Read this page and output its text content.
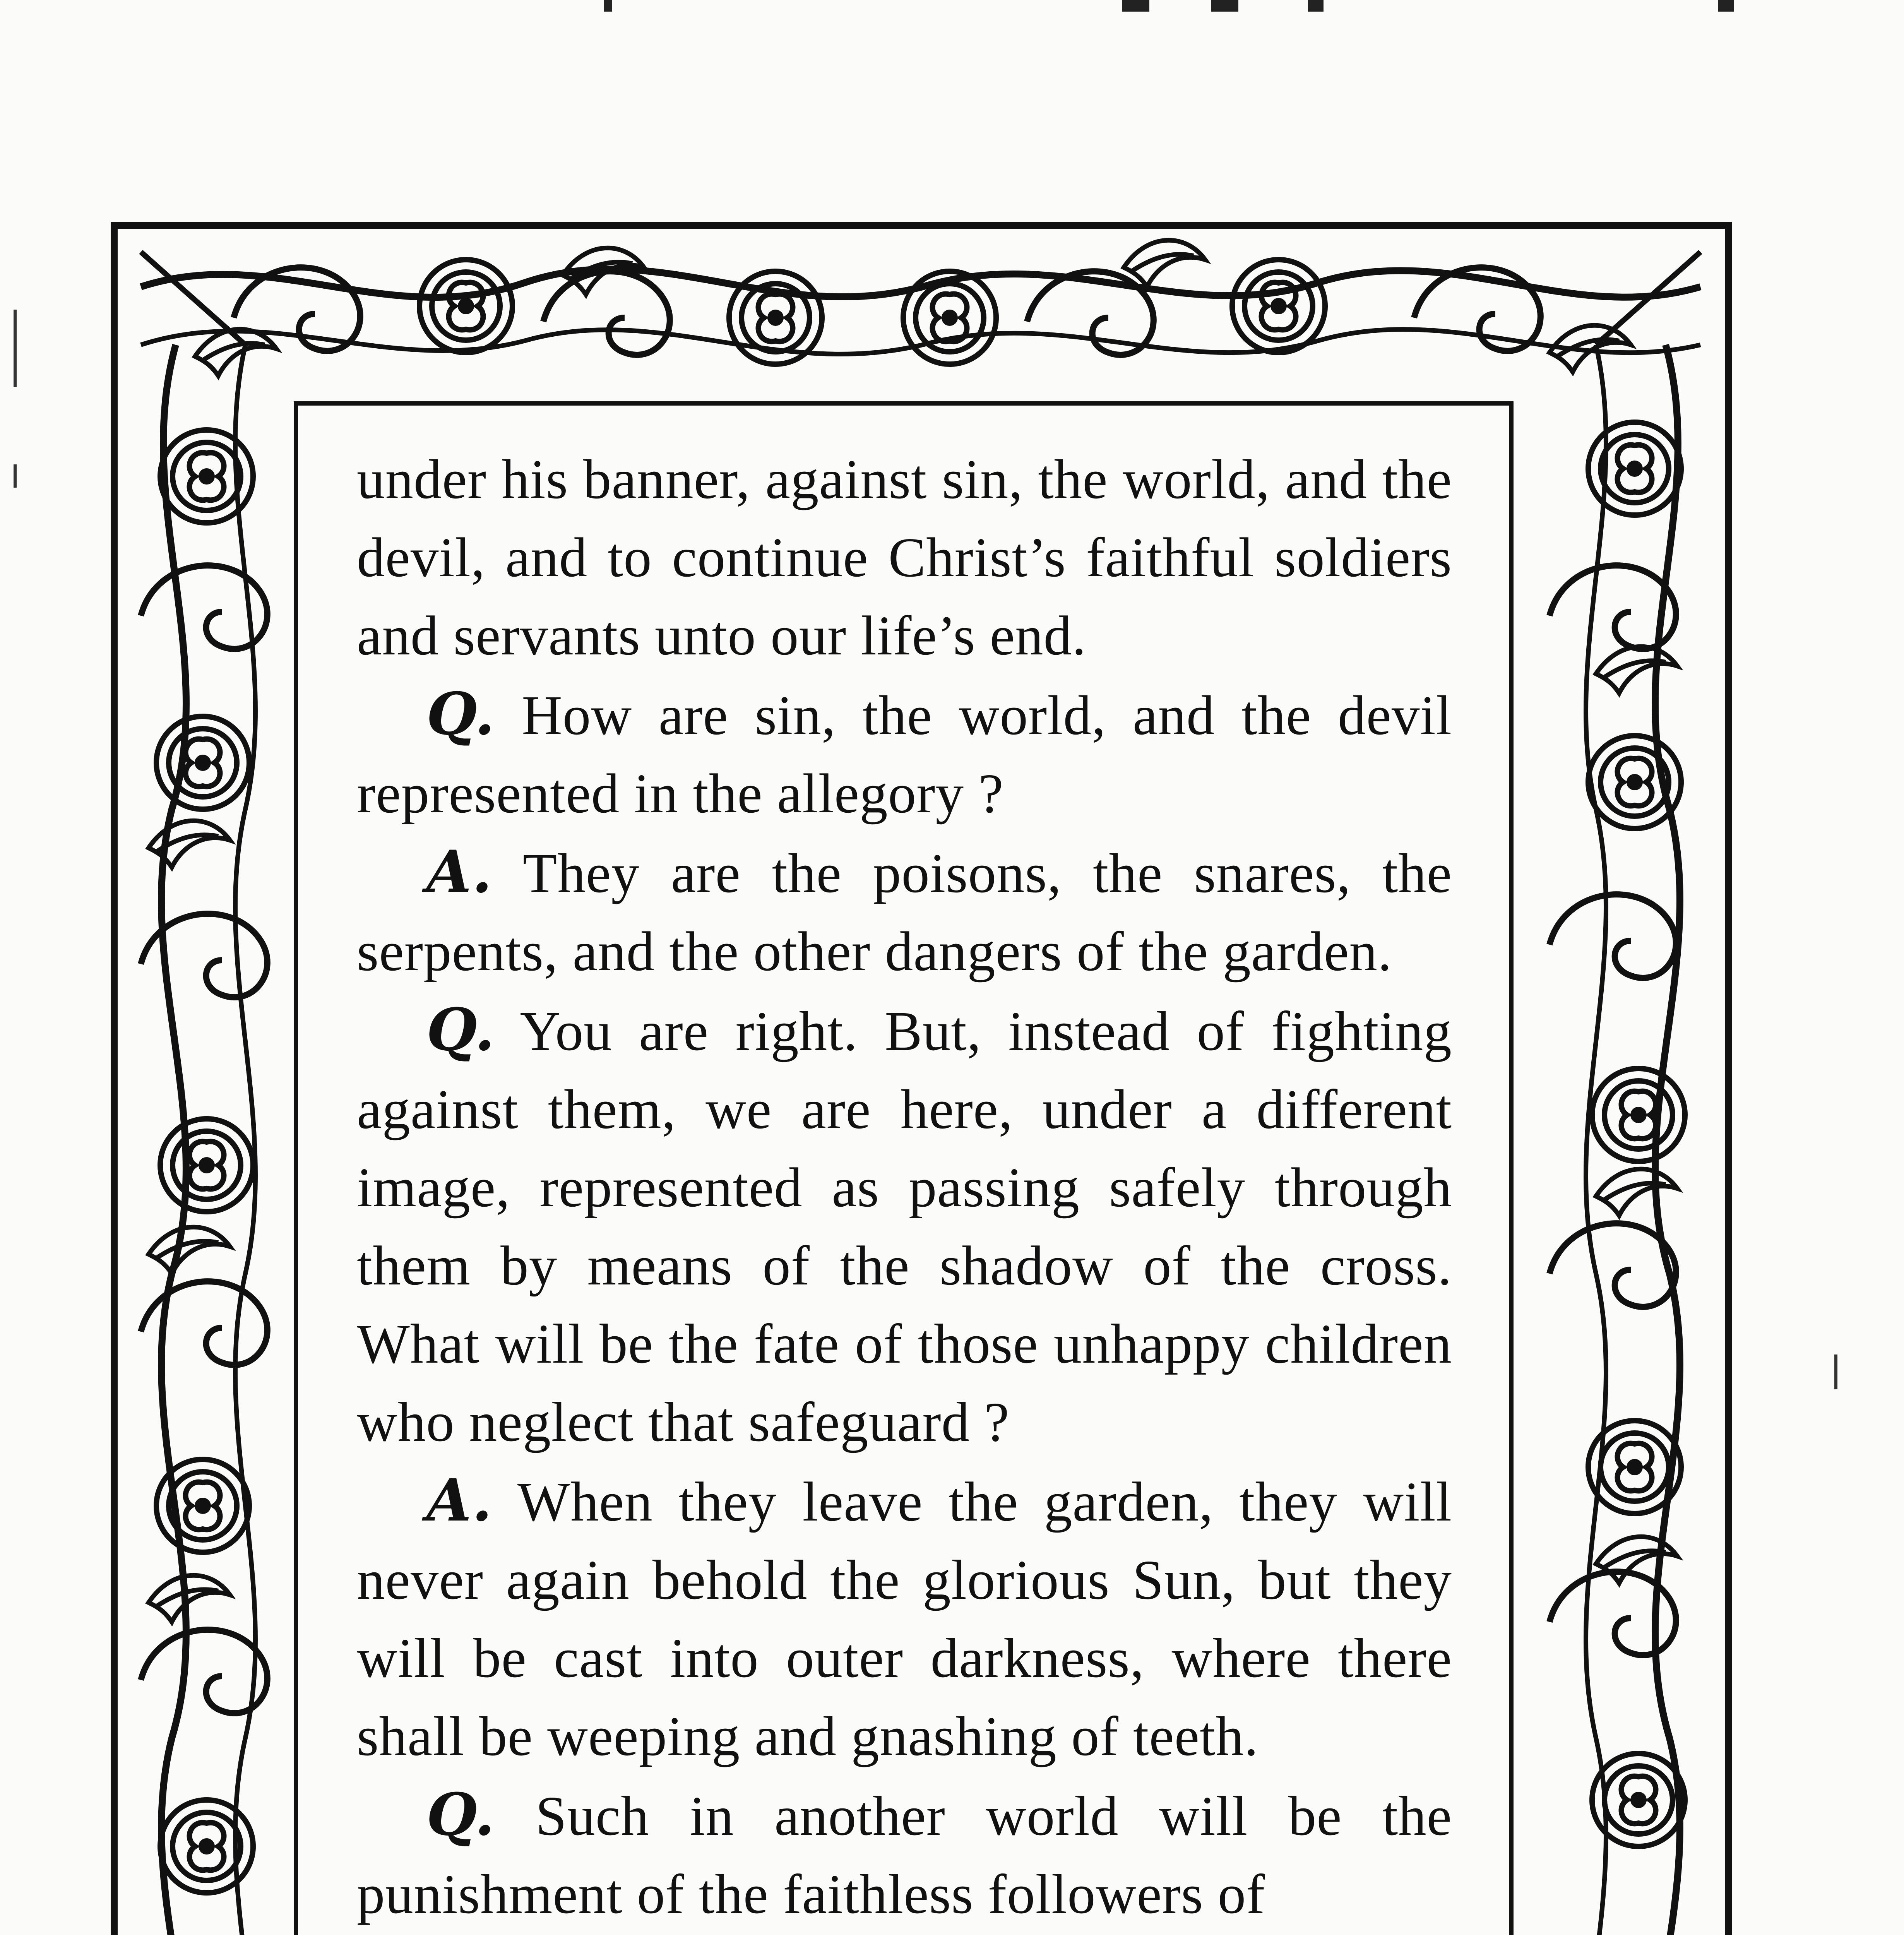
under his banner, against sin, the world, and the devil, and to continue Christ’s faithful soldiers and servants unto our life’s end.

Q. How are sin, the world, and the devil represented in the allegory ?

A. They are the poisons, the snares, the serpents, and the other dangers of the garden.

Q. You are right. But, instead of fighting against them, we are here, under a different image, represented as passing safely through them by means of the shadow of the cross. What will be the fate of those unhappy children who neglect that safeguard ?

A. When they leave the garden, they will never again behold the glorious Sun, but they will be cast into outer darkness, where there shall be weeping and gnashing of teeth.

Q. Such in another world will be the punishment of the faithless followers of
